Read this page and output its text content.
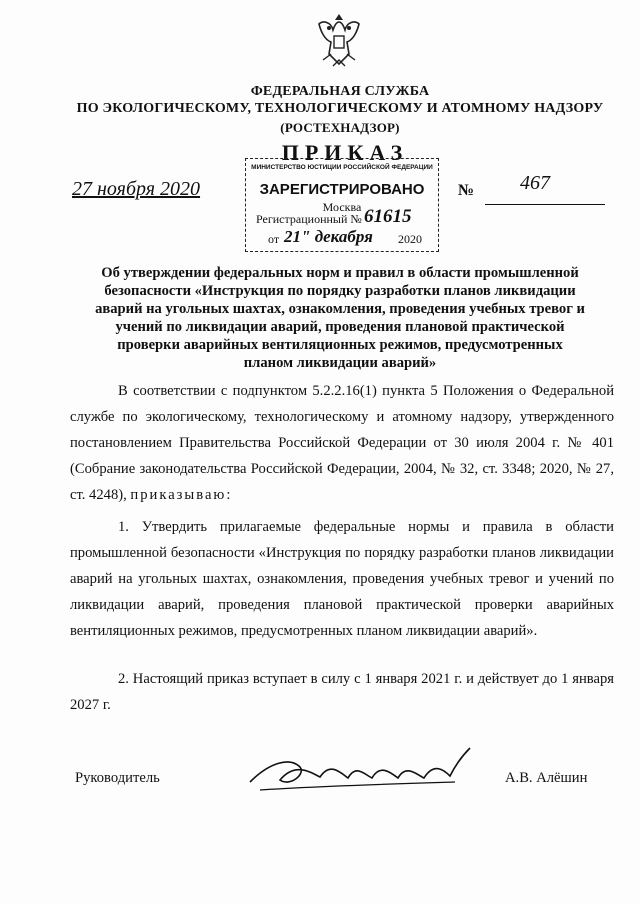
ФЕДЕРАЛЬНАЯ СЛУЖБА
ПО ЭКОЛОГИЧЕСКОМУ, ТЕХНОЛОГИЧЕСКОМУ И АТОМНОМУ НАДЗОРУ
(РОСТЕХНАДЗОР)
ПРИКАЗ
МИНИСТЕРСТВО ЮСТИЦИИ РОССИЙСКОЙ ФЕДЕРАЦИИ
ЗАРЕГИСТРИРОВАНО
Москва
Регистрационный № 61615
от 21" декабря 2020
27 ноября 2020	№ 467
Об утверждении федеральных норм и правил в области промышленной безопасности «Инструкция по порядку разработки планов ликвидации аварий на угольных шахтах, ознакомления, проведения учебных тревог и учений по ликвидации аварий, проведения плановой практической проверки аварийных вентиляционных режимов, предусмотренных планом ликвидации аварий»
В соответствии с подпунктом 5.2.2.16(1) пункта 5 Положения о Федеральной службе по экологическому, технологическому и атомному надзору, утвержденного постановлением Правительства Российской Федерации от 30 июля 2004 г. № 401 (Собрание законодательства Российской Федерации, 2004, № 32, ст. 3348; 2020, № 27, ст. 4248), приказываю:
1. Утвердить прилагаемые федеральные нормы и правила в области промышленной безопасности «Инструкция по порядку разработки планов ликвидации аварий на угольных шахтах, ознакомления, проведения учебных тревог и учений по ликвидации аварий, проведения плановой практической проверки аварийных вентиляционных режимов, предусмотренных планом ликвидации аварий».
2. Настоящий приказ вступает в силу с 1 января 2021 г. и действует до 1 января 2027 г.
Руководитель	А.В. Алёшин
